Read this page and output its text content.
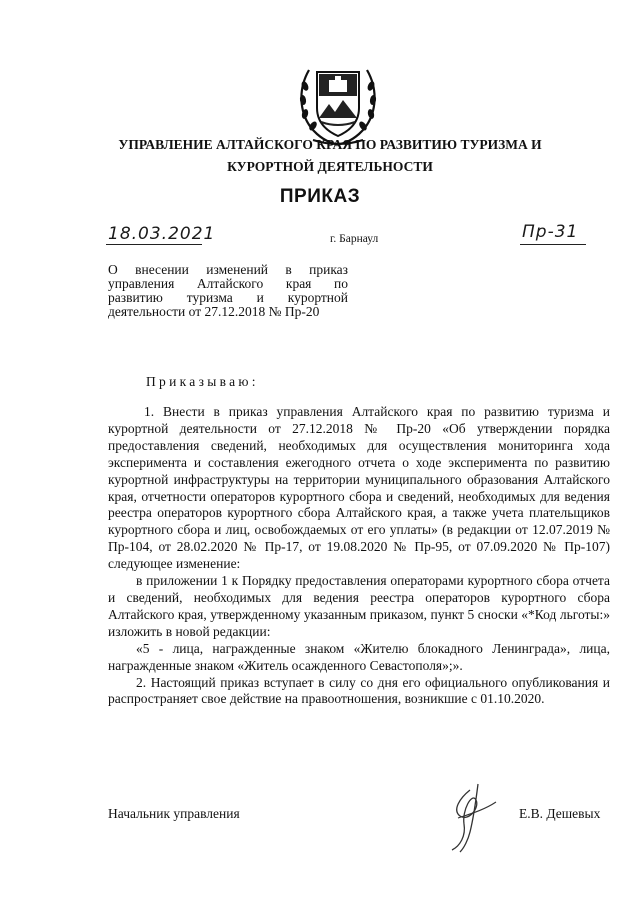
УПРАВЛЕНИЕ АЛТАЙСКОГО КРАЯ ПО РАЗВИТИЮ ТУРИЗМА И
КУРОРТНОЙ ДЕЯТЕЛЬНОСТИ
ПРИКАЗ
18.03.2021	г. Барнаул	Пр-31
О внесении изменений в приказ управления Алтайского края по развитию туризма и курортной деятельности от 27.12.2018 № Пр-20
Приказываю:

1. Внести в приказ управления Алтайского края по развитию туризма и курортной деятельности от 27.12.2018 № Пр-20 «Об утверждении порядка предоставления сведений, необходимых для осуществления мониторинга хода эксперимента и составления ежегодного отчета о ходе эксперимента по развитию курортной инфраструктуры на территории муниципального образования Алтайского края, отчетности операторов курортного сбора и сведений, необходимых для ведения реестра операторов курортного сбора Алтайского края, а также учета плательщиков курортного сбора и лиц, освобождаемых от его уплаты» (в редакции от 12.07.2019 № Пр-104, от 28.02.2020 № Пр-17, от 19.08.2020 № Пр-95, от 07.09.2020 № Пр-107) следующее изменение:

в приложении 1 к Порядку предоставления операторами курортного сбора отчета и сведений, необходимых для ведения реестра операторов курортного сбора Алтайского края, утвержденному указанным приказом, пункт 5 сноски «*Код льготы:» изложить в новой редакции:

«5 - лица, награжденные знаком «Жителю блокадного Ленинграда», лица, награжденные знаком «Житель осажденного Севастополя»;».

2. Настоящий приказ вступает в силу со дня его официального опубликования и распространяет свое действие на правоотношения, возникшие с 01.10.2020.

Начальник управления	Е.В. Дешевых
